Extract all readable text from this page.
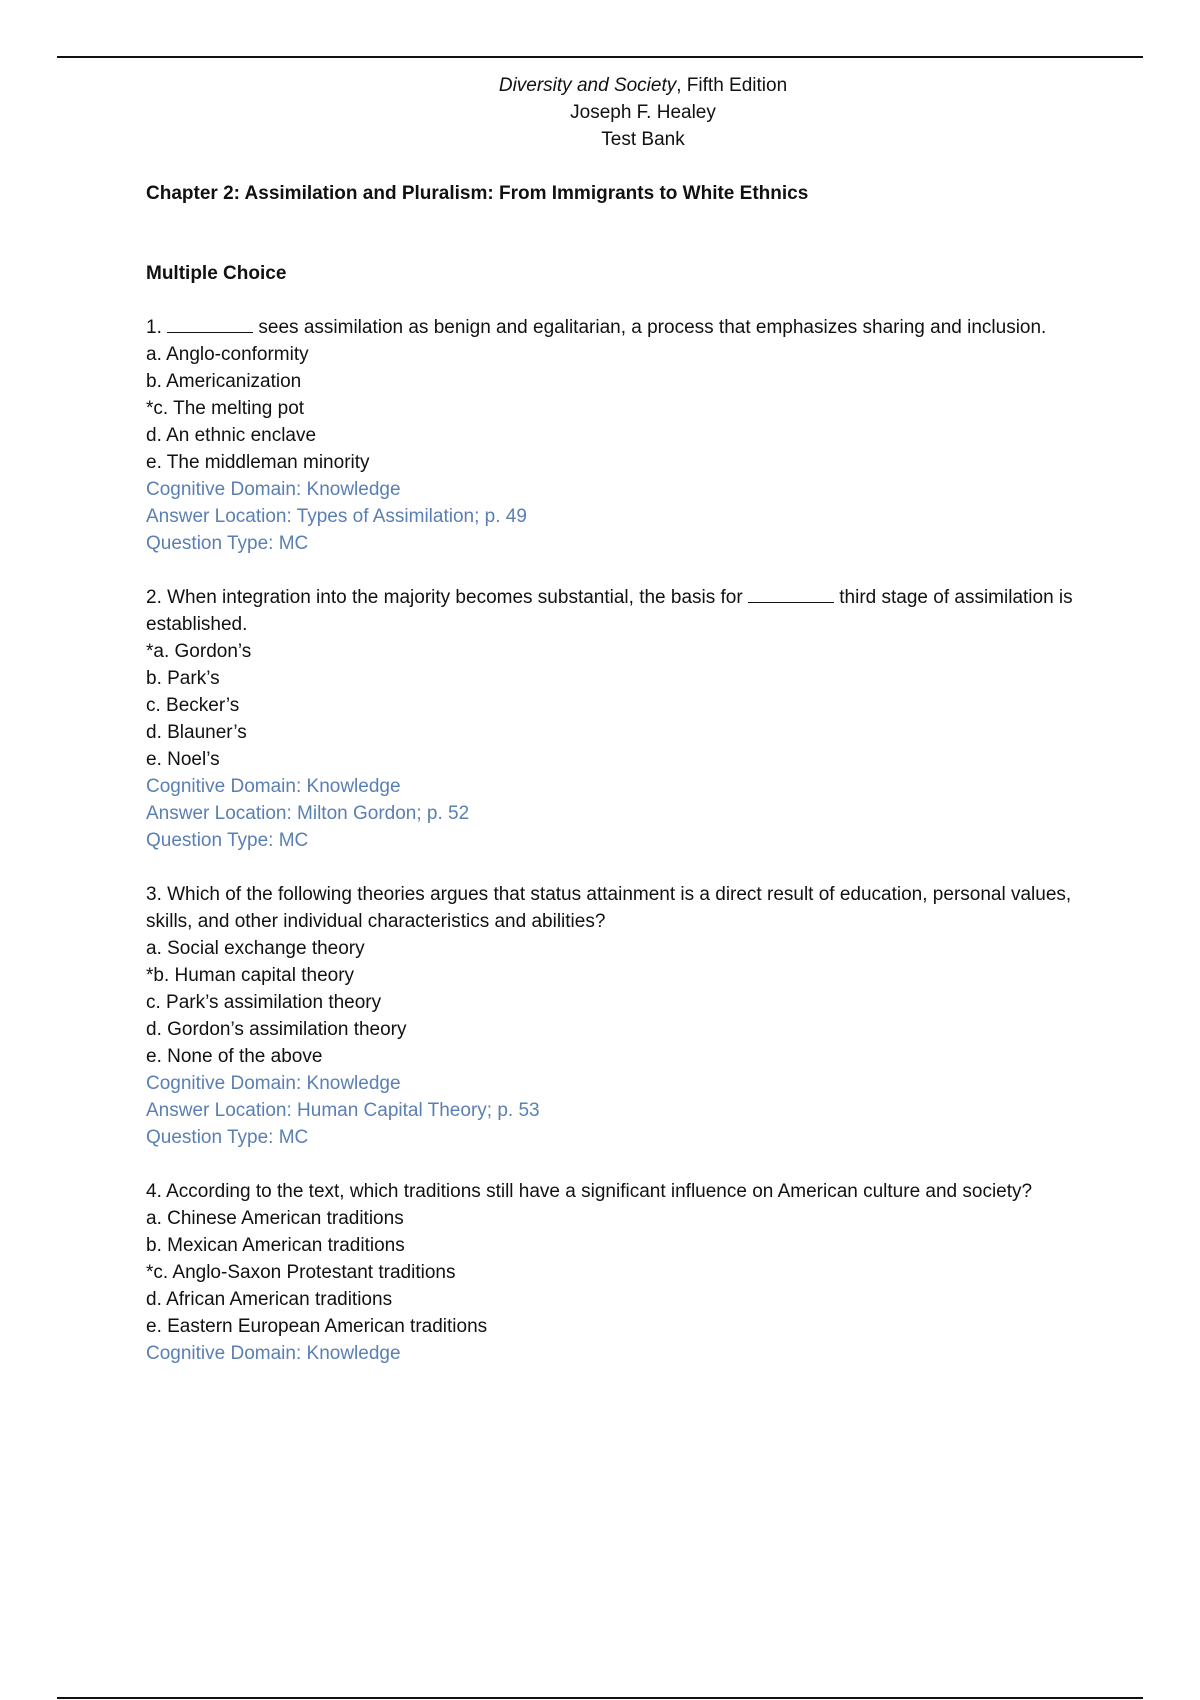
Diversity and Society, Fifth Edition
Joseph F. Healey
Test Bank

Chapter 2: Assimilation and Pluralism: From Immigrants to White Ethnics

Multiple Choice

1.	sees assimilation as benign and egalitarian, a process that emphasizes sharing and inclusion.

a. Anglo-conformity

b. Americanization

*c. The melting pot

d. An ethnic enclave

e. The middleman minority

Cognitive Domain: Knowledge

Answer Location: Types of Assimilation; p. 49

Question Type: MC

2. When integration into the majority becomes substantial, the basis for	third stage of assimilation is established.

*a. Gordon’s

b. Park’s

c. Becker’s

d. Blauner’s

e. Noel’s

Cognitive Domain: Knowledge

Answer Location: Milton Gordon; p. 52

Question Type: MC

3. Which of the following theories argues that status attainment is a direct result of education, personal values, skills, and other individual characteristics and abilities?

a. Social exchange theory

*b. Human capital theory

c. Park’s assimilation theory

d. Gordon’s assimilation theory

e. None of the above

Cognitive Domain: Knowledge

Answer Location: Human Capital Theory; p. 53

Question Type: MC

4. According to the text, which traditions still have a significant influence on American culture and society?

a. Chinese American traditions

b. Mexican American traditions

*c. Anglo-Saxon Protestant traditions

d. African American traditions

e. Eastern European American traditions

Cognitive Domain: Knowledge
